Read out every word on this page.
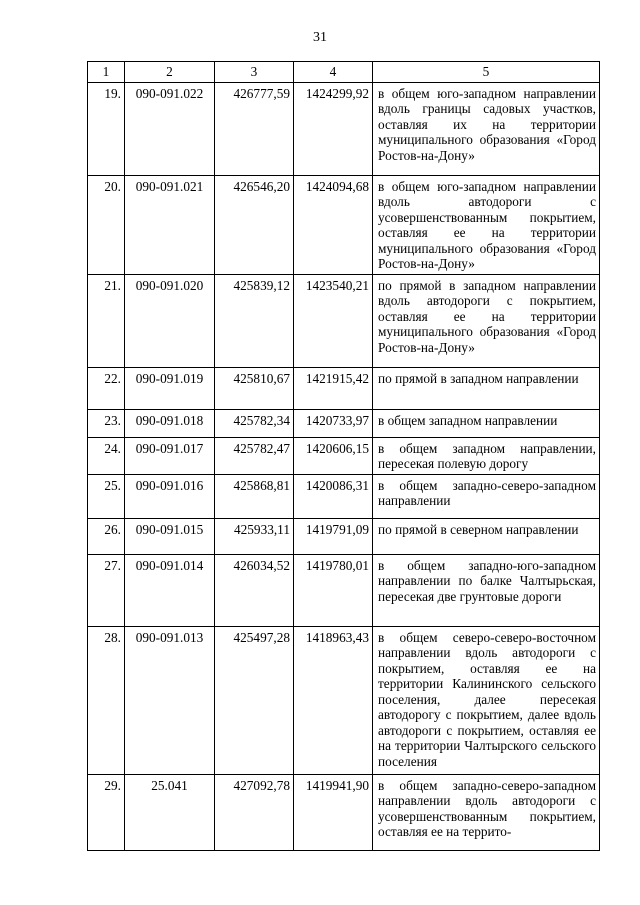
31
1	2	3	4	5
19.	090-091.022	426777,59	1424299,92	в общем юго-западном направлении вдоль границы садовых участков, оставляя их на территории муниципального образования «Город Ростов-на-Дону»
20.	090-091.021	426546,20	1424094,68	в общем юго-западном направлении вдоль автодороги с усовершенствованным покрытием, оставляя ее на территории муниципального образования «Город Ростов-на-Дону»
21.	090-091.020	425839,12	1423540,21	по прямой в западном направлении вдоль автодороги с покрытием, оставляя ее на территории муниципального образования «Город Ростов-на-Дону»
22.	090-091.019	425810,67	1421915,42	по прямой в западном направлении
23.	090-091.018	425782,34	1420733,97	в общем западном направлении
24.	090-091.017	425782,47	1420606,15	в общем западном направлении, пересекая полевую дорогу
25.	090-091.016	425868,81	1420086,31	в общем западно-северо-западном направлении
26.	090-091.015	425933,11	1419791,09	по прямой в северном направлении
27.	090-091.014	426034,52	1419780,01	в общем западно-юго-западном направлении по балке Чалтырьская, пересекая две грунтовые дороги
28.	090-091.013	425497,28	1418963,43	в общем северо-северо-восточном направлении вдоль автодороги с покрытием, оставляя ее на территории Калининского сельского поселения, далее пересекая автодорогу с покрытием, далее вдоль автодороги с покрытием, оставляя ее на территории Чалтырского сельского поселения
29.	25.041	427092,78	1419941,90	в общем западно-северо-западном направлении вдоль автодороги с усовершенствованным покрытием, оставляя ее на террито-
